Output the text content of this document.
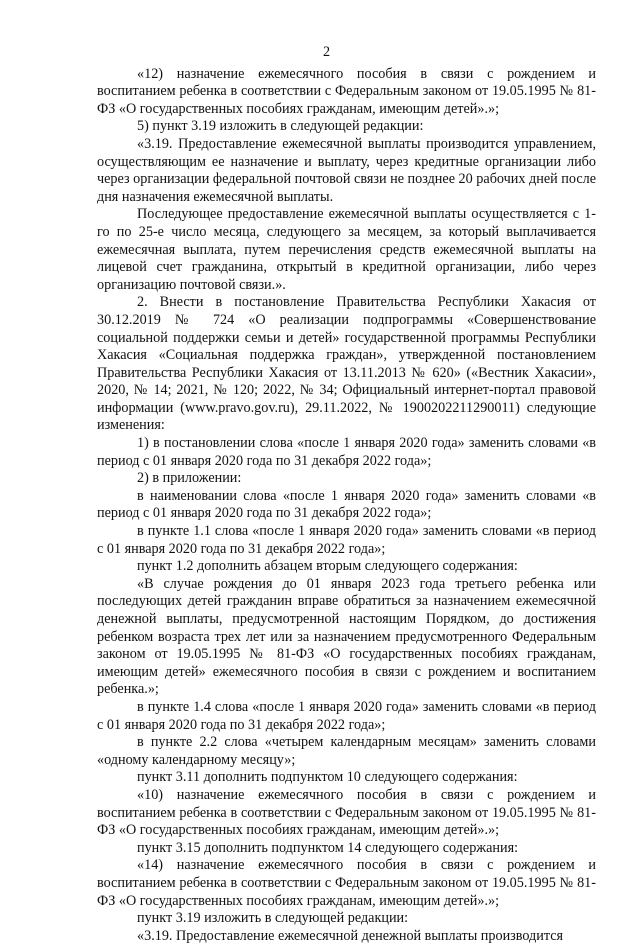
2

«12) назначение ежемесячного пособия в связи с рождением и воспитанием ребенка в соответствии с Федеральным законом от 19.05.1995 № 81-ФЗ «О государственных пособиях гражданам, имеющим детей».»;

5) пункт 3.19 изложить в следующей редакции:

«3.19. Предоставление ежемесячной выплаты производится управлением, осуществляющим ее назначение и выплату, через кредитные организации либо через организации федеральной почтовой связи не позднее 20 рабочих дней после дня назначения ежемесячной выплаты.

Последующее предоставление ежемесячной выплаты осуществляется с 1-го по 25-е число месяца, следующего за месяцем, за который выплачивается ежемесячная выплата, путем перечисления средств ежемесячной выплаты на лицевой счет гражданина, открытый в кредитной организации, либо через организацию почтовой связи.».

2. Внести в постановление Правительства Республики Хакасия от 30.12.2019 № 724 «О реализации подпрограммы «Совершенствование социальной поддержки семьи и детей» государственной программы Республики Хакасия «Социальная поддержка граждан», утвержденной постановлением Правительства Республики Хакасия от 13.11.2013 № 620» («Вестник Хакасии», 2020, № 14; 2021, № 120; 2022, № 34; Официальный интернет-портал правовой информации (www.pravo.gov.ru), 29.11.2022, № 1900202211290011) следующие изменения:

1) в постановлении слова «после 1 января 2020 года» заменить словами «в период с 01 января 2020 года по 31 декабря 2022 года»;

2) в приложении:

в наименовании слова «после 1 января 2020 года» заменить словами «в период с 01 января 2020 года по 31 декабря 2022 года»;

в пункте 1.1 слова «после 1 января 2020 года» заменить словами «в период с 01 января 2020 года по 31 декабря 2022 года»;

пункт 1.2 дополнить абзацем вторым следующего содержания:

«В случае рождения до 01 января 2023 года третьего ребенка или последующих детей гражданин вправе обратиться за назначением ежемесячной денежной выплаты, предусмотренной настоящим Порядком, до достижения ребенком возраста трех лет или за назначением предусмотренного Федеральным законом от 19.05.1995 № 81-ФЗ «О государственных пособиях гражданам, имеющим детей» ежемесячного пособия в связи с рождением и воспитанием ребенка.»;

в пункте 1.4 слова «после 1 января 2020 года» заменить словами «в период с 01 января 2020 года по 31 декабря 2022 года»;

в пункте 2.2 слова «четырем календарным месяцам» заменить словами «одному календарному месяцу»;

пункт 3.11 дополнить подпунктом 10 следующего содержания:

«10) назначение ежемесячного пособия в связи с рождением и воспитанием ребенка в соответствии с Федеральным законом от 19.05.1995 № 81-ФЗ «О государственных пособиях гражданам, имеющим детей».»;

пункт 3.15 дополнить подпунктом 14 следующего содержания:

«14) назначение ежемесячного пособия в связи с рождением и воспитанием ребенка в соответствии с Федеральным законом от 19.05.1995 № 81-ФЗ «О государственных пособиях гражданам, имеющим детей».»;

пункт 3.19 изложить в следующей редакции:

«3.19. Предоставление ежемесячной денежной выплаты производится
